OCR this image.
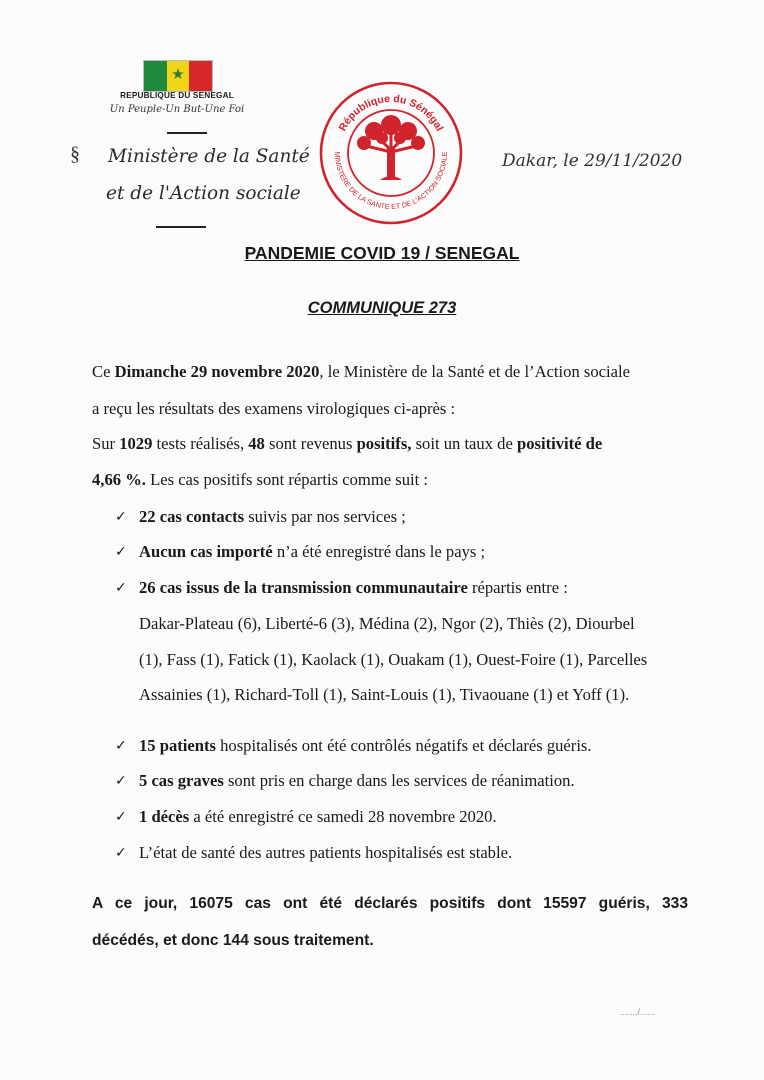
★
REPUBLIQUE DU SENEGAL
Un Peuple-Un But-Une Foi
§ Ministère de la Santé
et de l'Action sociale
République du Sénégal
MINISTERE DE LA SANTE ET DE L'ACTION SOCIALE	Dakar, le 29/11/2020
PANDEMIE COVID 19 / SENEGAL
COMMUNIQUE 273
Ce Dimanche 29 novembre 2020, le Ministère de la Santé et de l’Action sociale
a reçu les résultats des examens virologiques ci-après :
Sur 1029 tests réalisés, 48 sont revenus positifs, soit un taux de positivité de
4,66 %. Les cas positifs sont répartis comme suit :
✓ 22 cas contacts suivis par nos services ;
✓ Aucun cas importé n’a été enregistré dans le pays ;
✓ 26 cas issus de la transmission communautaire répartis entre :
Dakar-Plateau (6), Liberté-6 (3), Médina (2), Ngor (2), Thiès (2), Diourbel
(1), Fass (1), Fatick (1), Kaolack (1), Ouakam (1), Ouest-Foire (1), Parcelles
Assainies (1), Richard-Toll (1), Saint-Louis (1), Tivaouane (1) et Yoff (1).
✓ 15 patients hospitalisés ont été contrôlés négatifs et déclarés guéris.
✓ 5 cas graves sont pris en charge dans les services de réanimation.
✓ 1 décès a été enregistré ce samedi 28 novembre 2020.
✓ L’état de santé des autres patients hospitalisés est stable.
A ce jour, 16075 cas ont été déclarés positifs dont 15597 guéris, 333
décédés, et donc 144 sous traitement.
......./......
